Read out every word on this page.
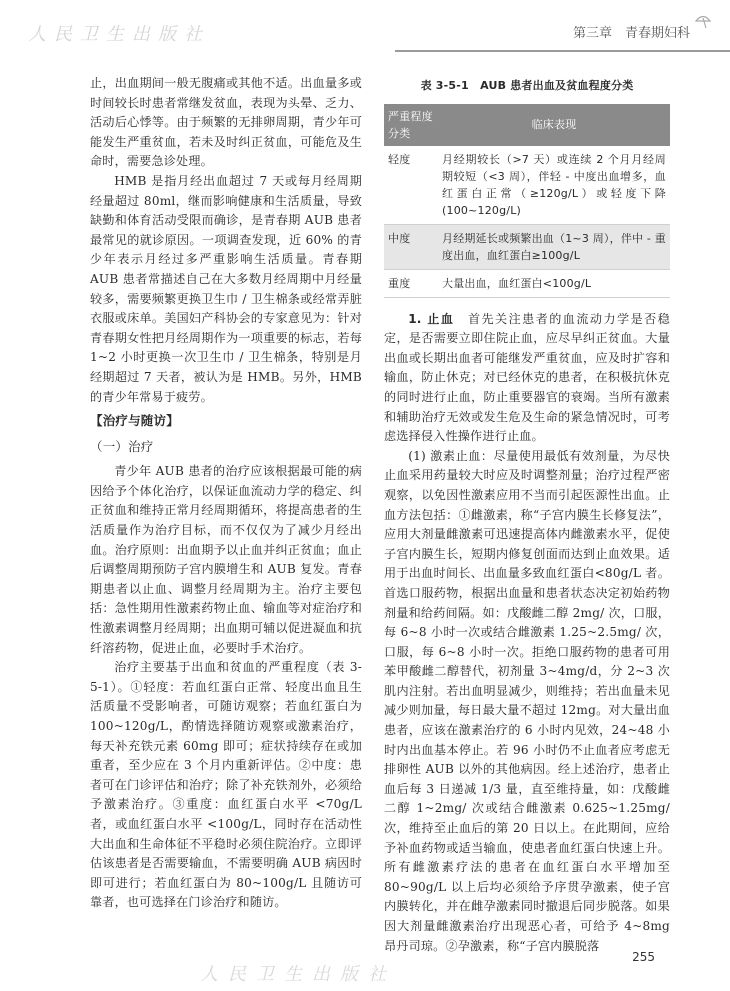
人民卫生出版社	第三章　青春期妇科

止，出血期间一般无腹痛或其他不适。出血量多或时间较长时患者常继发贫血，表现为头晕、乏力、活动后心悸等。由于频繁的无排卵周期，青少年可能发生严重贫血，若未及时纠正贫血，可能危及生命时，需要急诊处理。

HMB 是指月经出血超过 7 天或每月经周期经量超过 80ml，继而影响健康和生活质量，导致缺勤和体育活动受限而确诊，是青春期 AUB 患者最常见的就诊原因。一项调查发现，近 60% 的青少年表示月经过多严重影响生活质量。青春期 AUB 患者常描述自己在大多数月经周期中月经量较多，需要频繁更换卫生巾 / 卫生棉条或经常弄脏衣服或床单。美国妇产科协会的专家意见为：针对青春期女性把月经周期作为一项重要的标志，若每 1~2 小时更换一次卫生巾 / 卫生棉条，特别是月经期超过 7 天者，被认为是 HMB。另外，HMB 的青少年常易于疲劳。

【治疗与随访】
（一）治疗

青少年 AUB 患者的治疗应该根据最可能的病因给予个体化治疗，以保证血流动力学的稳定、纠正贫血和维持正常月经周期循环，将提高患者的生活质量作为治疗目标，而不仅仅为了减少月经出血。治疗原则：出血期予以止血并纠正贫血；血止后调整周期预防子宫内膜增生和 AUB 复发。青春期患者以止血、调整月经周期为主。治疗主要包括：急性期用性激素药物止血、输血等对症治疗和性激素调整月经周期；出血期可辅以促进凝血和抗纤溶药物，促进止血，必要时手术治疗。

治疗主要基于出血和贫血的严重程度（表 3-5-1）。①轻度：若血红蛋白正常、轻度出血且生活质量不受影响者，可随访观察；若血红蛋白为 100~120g/L，酌情选择随访观察或激素治疗，每天补充铁元素 60mg 即可；症状持续存在或加重者，至少应在 3 个月内重新评估。②中度：患者可在门诊评估和治疗；除了补充铁剂外，必须给予激素治疗。③重度：血红蛋白水平 <70g/L 者，或血红蛋白水平 <100g/L，同时存在活动性大出血和生命体征不平稳时必须住院治疗。立即评估该患者是否需要输血，不需要明确 AUB 病因时即可进行；若血红蛋白为 80~100g/L 且随访可靠者，也可选择在门诊治疗和随访。

表 3-5-1　AUB 患者出血及贫血程度分类
严重程度分类	临床表现
轻度	月经期较长（>7 天）或连续 2 个月月经周期较短（<3 周），伴轻 - 中度出血增多，血红蛋白正常（≥120g/L）或轻度下降(100~120g/L)
中度	月经期延长或频繁出血（1~3 周），伴中 - 重度出血，血红蛋白≥100g/L
重度	大量出血，血红蛋白<100g/L

1. 止血　 首先关注患者的血流动力学是否稳定，是否需要立即住院止血，应尽早纠正贫血。大量出血或长期出血者可能继发严重贫血，应及时扩容和输血，防止休克；对已经休克的患者，在积极抗休克的同时进行止血，防止重要器官的衰竭。当所有激素和辅助治疗无效或发生危及生命的紧急情况时，可考虑选择侵入性操作进行止血。

(1) 激素止血：尽量使用最低有效剂量，为尽快止血采用药量较大时应及时调整剂量；治疗过程严密观察，以免因性激素应用不当而引起医源性出血。止血方法包括：①雌激素，称“子宫内膜生长修复法”，应用大剂量雌激素可迅速提高体内雌激素水平，促使子宫内膜生长，短期内修复创面而达到止血效果。适用于出血时间长、出血量多致血红蛋白<80g/L 者。首选口服药物，根据出血量和患者状态决定初始药物剂量和给药间隔。如：戊酸雌二醇 2mg/ 次，口服，每 6~8 小时一次或结合雌激素 1.25~2.5mg/ 次，口服，每 6~8 小时一次。拒绝口服药物的患者可用苯甲酸雌二醇替代，初剂量 3~4mg/d，分 2~3 次肌内注射。若出血明显减少，则维持；若出血量未见减少则加量，每日最大量不超过 12mg。对大量出血患者，应该在激素治疗的 6 小时内见效，24~48 小时内出血基本停止。若 96 小时仍不止血者应考虑无排卵性 AUB 以外的其他病因。经上述治疗，患者止血后每 3 日递减 1/3 量，直至维持量，如：戊酸雌二醇 1~2mg/ 次或结合雌激素 0.625~1.25mg/ 次，维持至止血后的第 20 日以上。在此期间，应给予补血药物或适当输血，使患者血红蛋白快速上升。所有雌激素疗法的患者在血红蛋白水平增加至 80~90g/L 以上后均必须给予序贯孕激素，使子宫内膜转化，并在雌孕激素同时撤退后同步脱落。如果因大剂量雌激素治疗出现恶心者，可给予 4~8mg 昂丹司琼。②孕激素，称“子宫内膜脱落

255
人民卫生出版社
